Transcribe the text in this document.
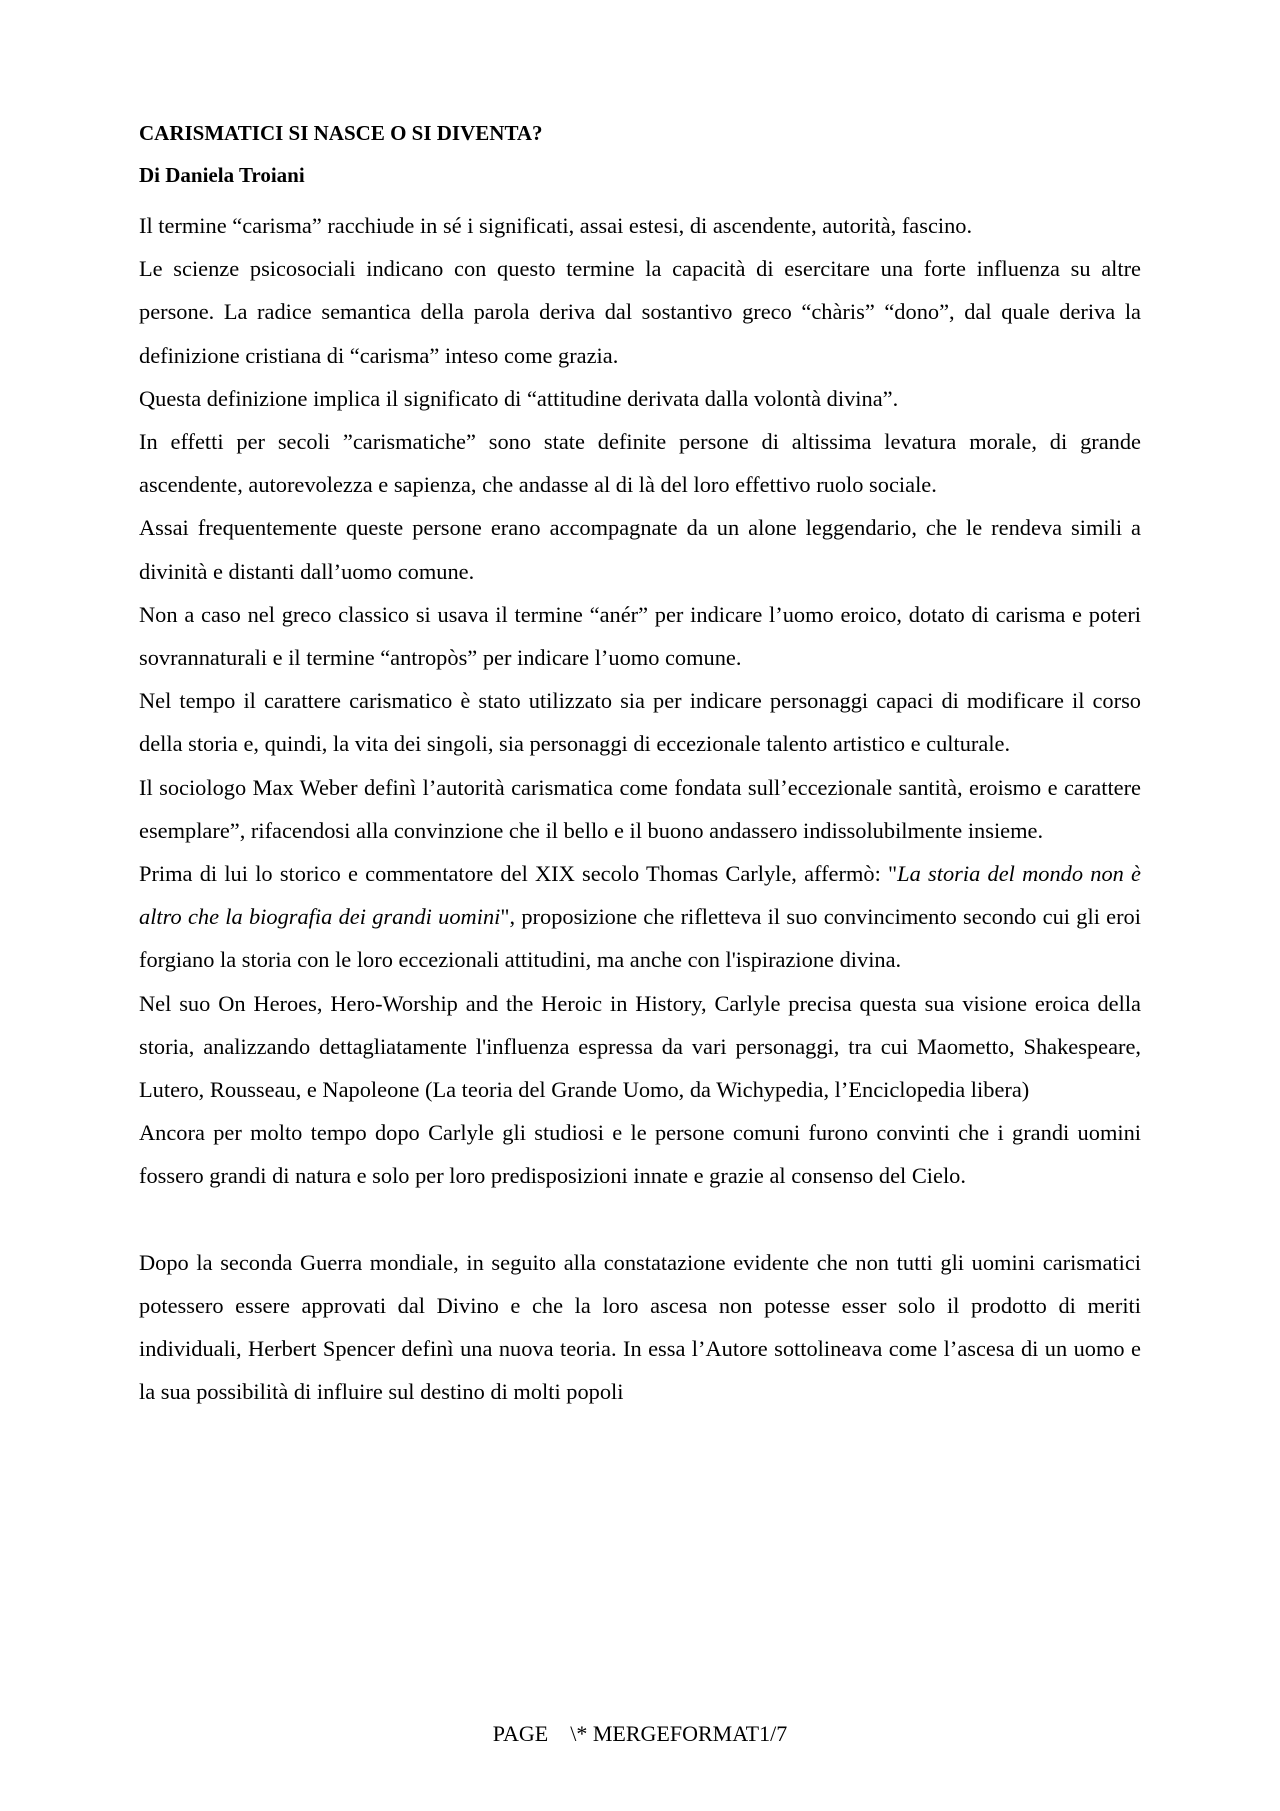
CARISMATICI SI NASCE O SI DIVENTA?
Di Daniela Troiani

Il termine “carisma” racchiude in sé i significati, assai estesi, di ascendente, autorità, fascino.

Le scienze psicosociali indicano con questo termine la capacità di esercitare una forte influenza su altre persone. La radice semantica della parola deriva dal sostantivo greco “chàris” “dono”, dal quale deriva la definizione cristiana di “carisma” inteso come grazia.

Questa definizione implica il significato di “attitudine derivata dalla volontà divina”.

In effetti per secoli ”carismatiche” sono state definite persone di altissima levatura morale, di grande ascendente, autorevolezza e sapienza, che andasse al di là del loro effettivo ruolo sociale.

Assai frequentemente queste persone erano accompagnate da un alone leggendario, che le rendeva simili a divinità e distanti dall’uomo comune.

Non a caso nel greco classico si usava il termine “anér” per indicare l’uomo eroico, dotato di carisma e poteri sovrannaturali e il termine “antropòs” per indicare l’uomo comune.

Nel tempo il carattere carismatico è stato utilizzato sia per indicare personaggi capaci di modificare il corso della storia e, quindi, la vita dei singoli, sia personaggi di eccezionale talento artistico e culturale.

Il sociologo Max Weber definì l’autorità carismatica come fondata sull’eccezionale santità, eroismo e carattere esemplare”, rifacendosi alla convinzione che il bello e il buono andassero indissolubilmente insieme.

Prima di lui lo storico e commentatore del XIX secolo Thomas Carlyle, affermò: "La storia del mondo non è altro che la biografia dei grandi uomini", proposizione che rifletteva il suo convincimento secondo cui gli eroi forgiano la storia con le loro eccezionali attitudini, ma anche con l'ispirazione divina.

Nel suo On Heroes, Hero-Worship and the Heroic in History, Carlyle precisa questa sua visione eroica della storia, analizzando dettagliatamente l'influenza espressa da vari personaggi, tra cui Maometto, Shakespeare, Lutero, Rousseau, e Napoleone (La teoria del Grande Uomo, da Wichypedia, l’Enciclopedia libera)

Ancora per molto tempo dopo Carlyle gli studiosi e le persone comuni furono convinti che i grandi uomini fossero grandi di natura e solo per loro predisposizioni innate e grazie al consenso del Cielo.

Dopo la seconda Guerra mondiale, in seguito alla constatazione evidente che non tutti gli uomini carismatici potessero essere approvati dal Divino e che la loro ascesa non potesse esser solo il prodotto di meriti individuali, Herbert Spencer definì una nuova teoria. In essa l’Autore sottolineava come l’ascesa di un uomo e la sua possibilità di influire sul destino di molti popoli

PAGE \* MERGEFORMAT1/7
